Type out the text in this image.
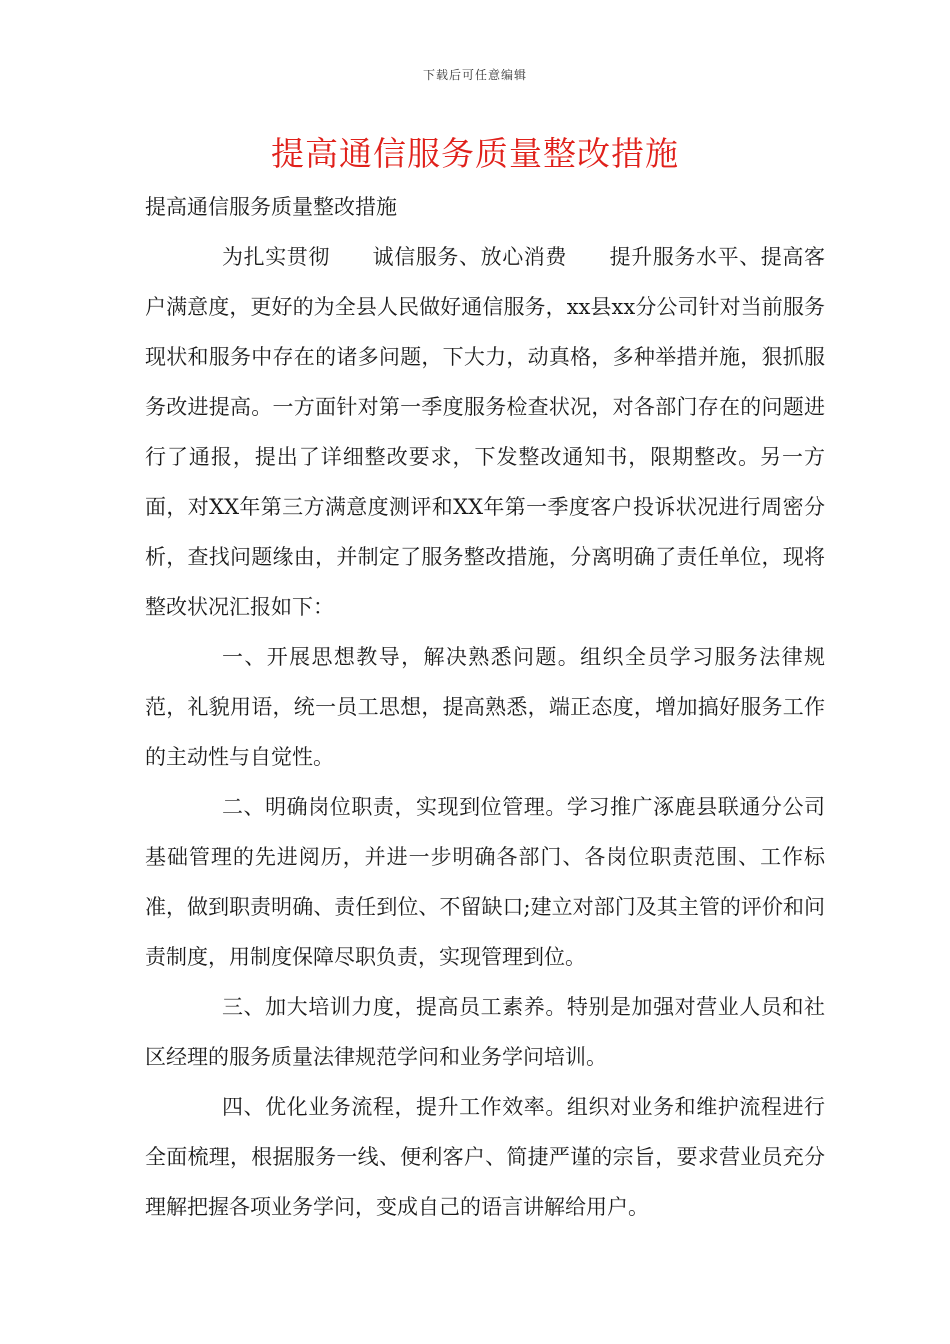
下载后可任意编辑
提高通信服务质量整改措施

提高通信服务质量整改措施

为扎实贯彻 诚信服务、放心消费 提升服务水平、提高客户满意度，更好的为全县人民做好通信服务，xx县xx分公司针对当前服务现状和服务中存在的诸多问题，下大力，动真格，多种举措并施，狠抓服务改进提高。一方面针对第一季度服务检查状况，对各部门存在的问题进行了通报，提出了详细整改要求，下发整改通知书，限期整改。另一方面，对XX年第三方满意度测评和XX年第一季度客户投诉状况进行周密分析，查找问题缘由，并制定了服务整改措施，分离明确了责任单位，现将整改状况汇报如下：

一、开展思想教导，解决熟悉问题。组织全员学习服务法律规范，礼貌用语，统一员工思想，提高熟悉，端正态度，增加搞好服务工作的主动性与自觉性。

二、明确岗位职责，实现到位管理。学习推广涿鹿县联通分公司基础管理的先进阅历，并进一步明确各部门、各岗位职责范围、工作标准，做到职责明确、责任到位、不留缺口;建立对部门及其主管的评价和问责制度，用制度保障尽职负责，实现管理到位。

三、加大培训力度，提高员工素养。特别是加强对营业人员和社区经理的服务质量法律规范学问和业务学问培训。

四、优化业务流程，提升工作效率。组织对业务和维护流程进行全面梳理，根据服务一线、便利客户、简捷严谨的宗旨，要求营业员充分理解把握各项业务学问，变成自己的语言讲解给用户。
